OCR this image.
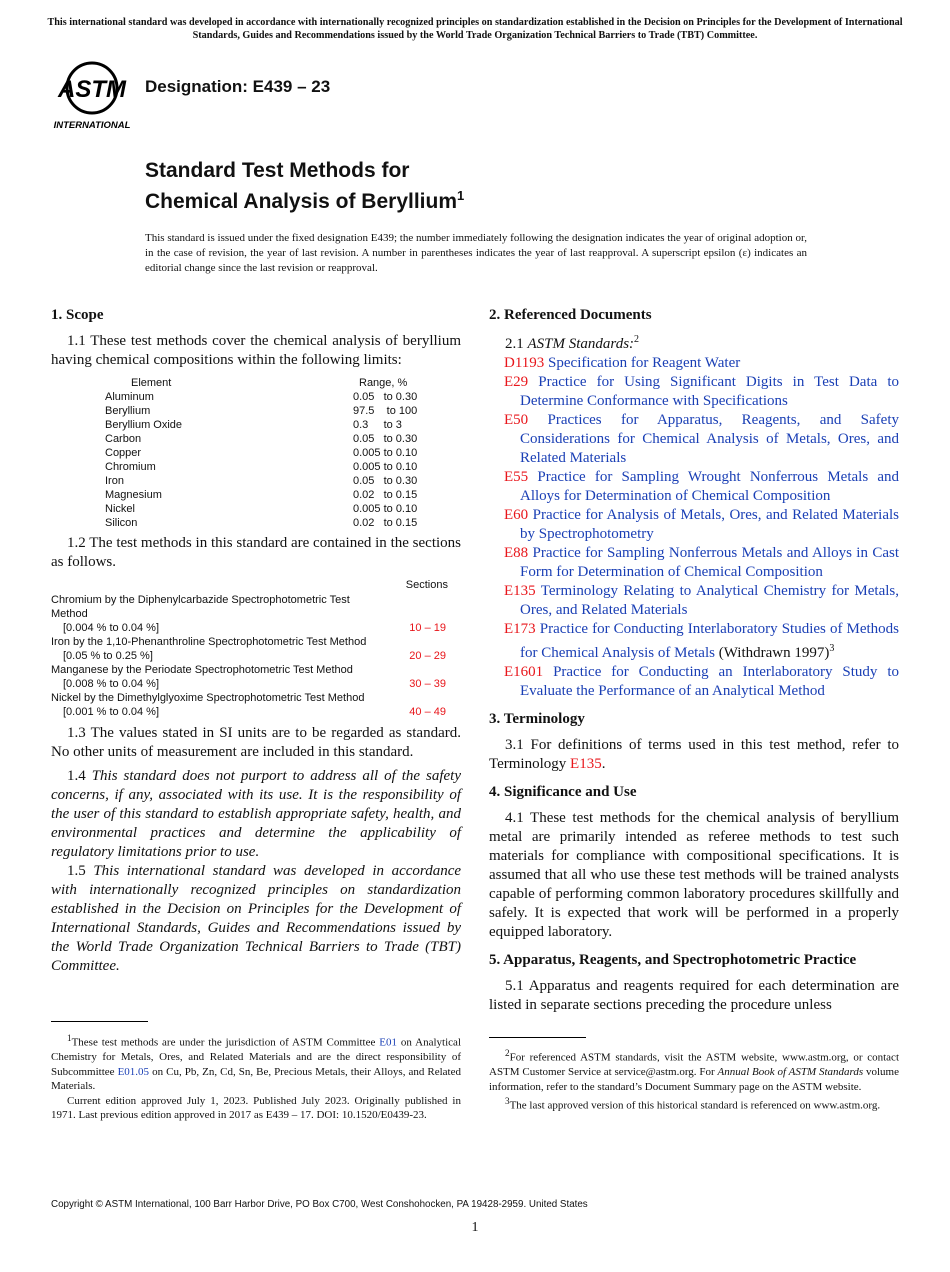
This international standard was developed in accordance with internationally recognized principles on standardization established in the Decision on Principles for the Development of International Standards, Guides and Recommendations issued by the World Trade Organization Technical Barriers to Trade (TBT) Committee.
ASTM
INTERNATIONAL
Designation: E439 – 23
Standard Test Methods for
Chemical Analysis of Beryllium$^1$
This standard is issued under the fixed designation E439; the number immediately following the designation indicates the year of original adoption or, in the case of revision, the year of last revision. A number in parentheses indicates the year of last reapproval. A superscript epsilon (ε) indicates an editorial change since the last revision or reapproval.
1. Scope

1.1 These test methods cover the chemical analysis of beryllium having chemical compositions within the following limits:

Element	Range, %
Aluminum	0.05   to 0.30
Beryllium	97.5    to 100
Beryllium Oxide	0.3     to 3
Carbon	0.05   to 0.30
Copper	0.005 to 0.10
Chromium	0.005 to 0.10
Iron	0.05   to 0.30
Magnesium	0.02   to 0.15
Nickel	0.005 to 0.10
Silicon	0.02   to 0.15

1.2 The test methods in this standard are contained in the sections as follows.

Sections
Chromium by the Diphenylcarbazide Spectrophotometric Test Method
[0.004 % to 0.04 %]	10 – 19
Iron by the 1,10-Phenanthroline Spectrophotometric Test Method
[0.05 % to 0.25 %]	20 – 29
Manganese by the Periodate Spectrophotometric Test Method
[0.008 % to 0.04 %]	30 – 39
Nickel by the Dimethylglyoxime Spectrophotometric Test Method
[0.001 % to 0.04 %]	40 – 49

1.3 The values stated in SI units are to be regarded as standard. No other units of measurement are included in this standard.

1.4 This standard does not purport to address all of the safety concerns, if any, associated with its use. It is the responsibility of the user of this standard to establish appropriate safety, health, and environmental practices and determine the applicability of regulatory limitations prior to use.

1.5 This international standard was developed in accordance with internationally recognized principles on standardization established in the Decision on Principles for the Development of International Standards, Guides and Recommendations issued by the World Trade Organization Technical Barriers to Trade (TBT) Committee.

$^1$These test methods are under the jurisdiction of ASTM Committee E01 on Analytical Chemistry for Metals, Ores, and Related Materials and are the direct responsibility of Subcommittee E01.05 on Cu, Pb, Zn, Cd, Sn, Be, Precious Metals, their Alloys, and Related Materials.

Current edition approved July 1, 2023. Published July 2023. Originally published in 1971. Last previous edition approved in 2017 as E439 – 17. DOI: 10.1520/E0439-23.

2. Referenced Documents

2.1 ASTM Standards:$^2$

D1193 Specification for Reagent Water

E29 Practice for Using Significant Digits in Test Data to Determine Conformance with Specifications

E50 Practices for Apparatus, Reagents, and Safety Considerations for Chemical Analysis of Metals, Ores, and Related Materials

E55 Practice for Sampling Wrought Nonferrous Metals and Alloys for Determination of Chemical Composition

E60 Practice for Analysis of Metals, Ores, and Related Materials by Spectrophotometry

E88 Practice for Sampling Nonferrous Metals and Alloys in Cast Form for Determination of Chemical Composition

E135 Terminology Relating to Analytical Chemistry for Metals, Ores, and Related Materials

E173 Practice for Conducting Interlaboratory Studies of Methods for Chemical Analysis of Metals (Withdrawn 1997)$^3$

E1601 Practice for Conducting an Interlaboratory Study to Evaluate the Performance of an Analytical Method

3. Terminology

3.1 For definitions of terms used in this test method, refer to Terminology E135.

4. Significance and Use

4.1 These test methods for the chemical analysis of beryllium metal are primarily intended as referee methods to test such materials for compliance with compositional specifications. It is assumed that all who use these test methods will be trained analysts capable of performing common laboratory procedures skillfully and safely. It is expected that work will be performed in a properly equipped laboratory.

5. Apparatus, Reagents, and Spectrophotometric Practice

5.1 Apparatus and reagents required for each determination are listed in separate sections preceding the procedure unless

$^2$For referenced ASTM standards, visit the ASTM website, www.astm.org, or contact ASTM Customer Service at service@astm.org. For Annual Book of ASTM Standards volume information, refer to the standard’s Document Summary page on the ASTM website.

$^3$The last approved version of this historical standard is referenced on www.astm.org.

Copyright © ASTM International, 100 Barr Harbor Drive, PO Box C700, West Conshohocken, PA 19428-2959. United States
1
